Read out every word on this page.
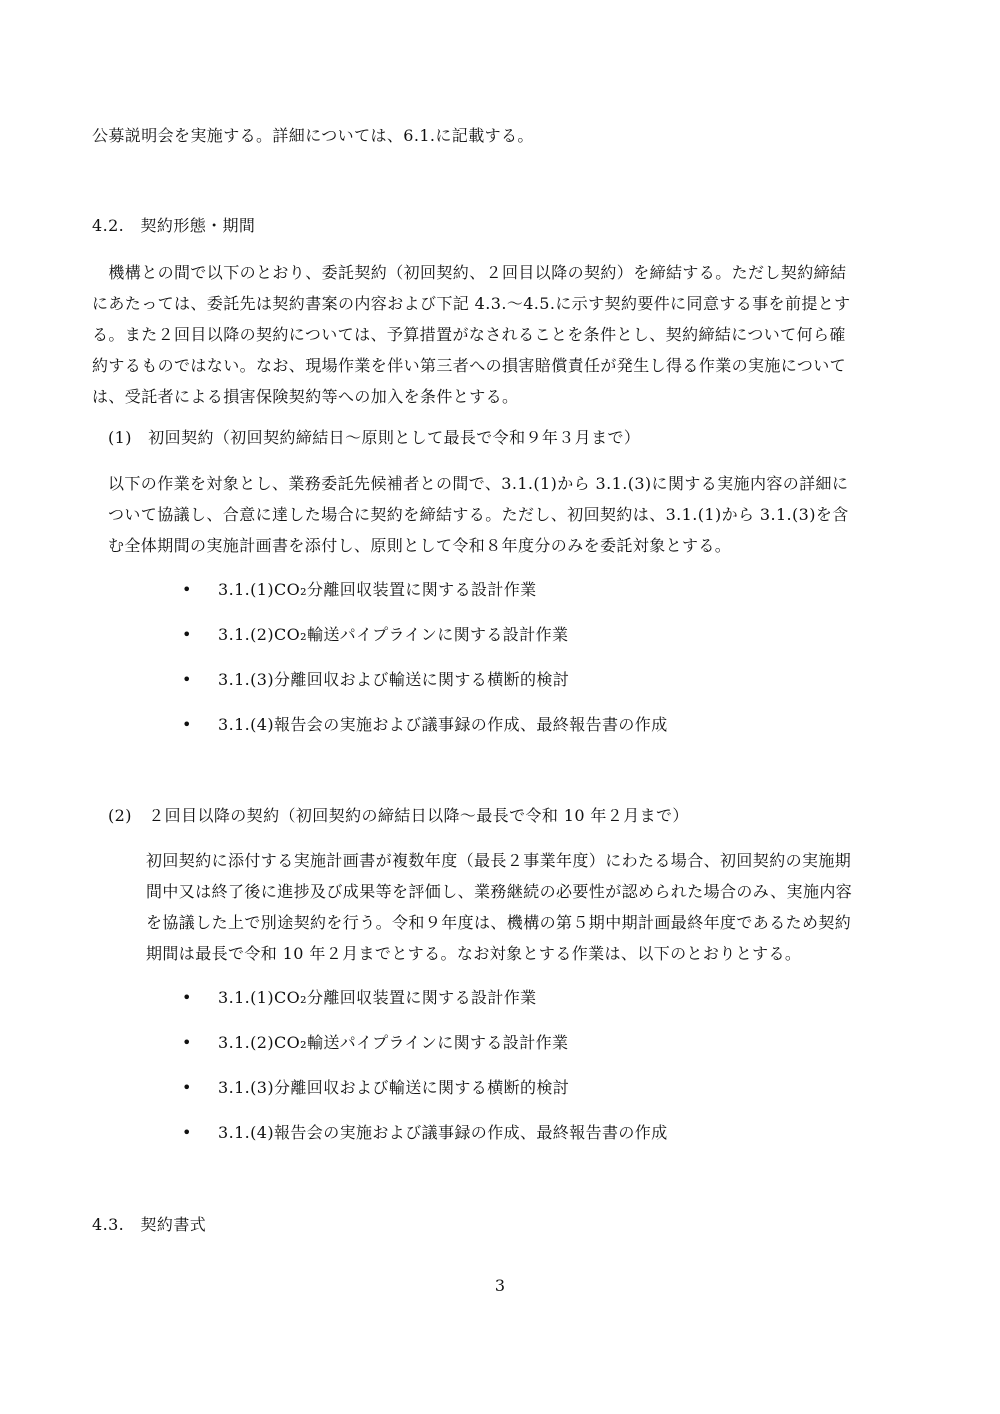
公募説明会を実施する。詳細については、6.1.に記載する。
4.2.　契約形態・期間
　機構との間で以下のとおり、委託契約（初回契約、２回目以降の契約）を締結する。ただし契約締結
にあたっては、委託先は契約書案の内容および下記 4.3.～4.5.に示す契約要件に同意する事を前提とす
る。また２回目以降の契約については、予算措置がなされることを条件とし、契約締結について何ら確
約するものではない。なお、現場作業を伴い第三者への損害賠償責任が発生し得る作業の実施について
は、受託者による損害保険契約等への加入を条件とする。
(1)　初回契約（初回契約締結日～原則として最長で令和９年３月まで）
以下の作業を対象とし、業務委託先候補者との間で、3.1.(1)から 3.1.(3)に関する実施内容の詳細に
ついて協議し、合意に達した場合に契約を締結する。ただし、初回契約は、3.1.(1)から 3.1.(3)を含
む全体期間の実施計画書を添付し、原則として令和８年度分のみを委託対象とする。
• 3.1.(1)CO₂分離回収装置に関する設計作業
• 3.1.(2)CO₂輸送パイプラインに関する設計作業
• 3.1.(3)分離回収および輸送に関する横断的検討
• 3.1.(4)報告会の実施および議事録の作成、最終報告書の作成
(2)　２回目以降の契約（初回契約の締結日以降～最長で令和 10 年２月まで）
初回契約に添付する実施計画書が複数年度（最長２事業年度）にわたる場合、初回契約の実施期
間中又は終了後に進捗及び成果等を評価し、業務継続の必要性が認められた場合のみ、実施内容
を協議した上で別途契約を行う。令和９年度は、機構の第５期中期計画最終年度であるため契約
期間は最長で令和 10 年２月までとする。なお対象とする作業は、以下のとおりとする。
• 3.1.(1)CO₂分離回収装置に関する設計作業
• 3.1.(2)CO₂輸送パイプラインに関する設計作業
• 3.1.(3)分離回収および輸送に関する横断的検討
• 3.1.(4)報告会の実施および議事録の作成、最終報告書の作成
4.3.　契約書式
3
